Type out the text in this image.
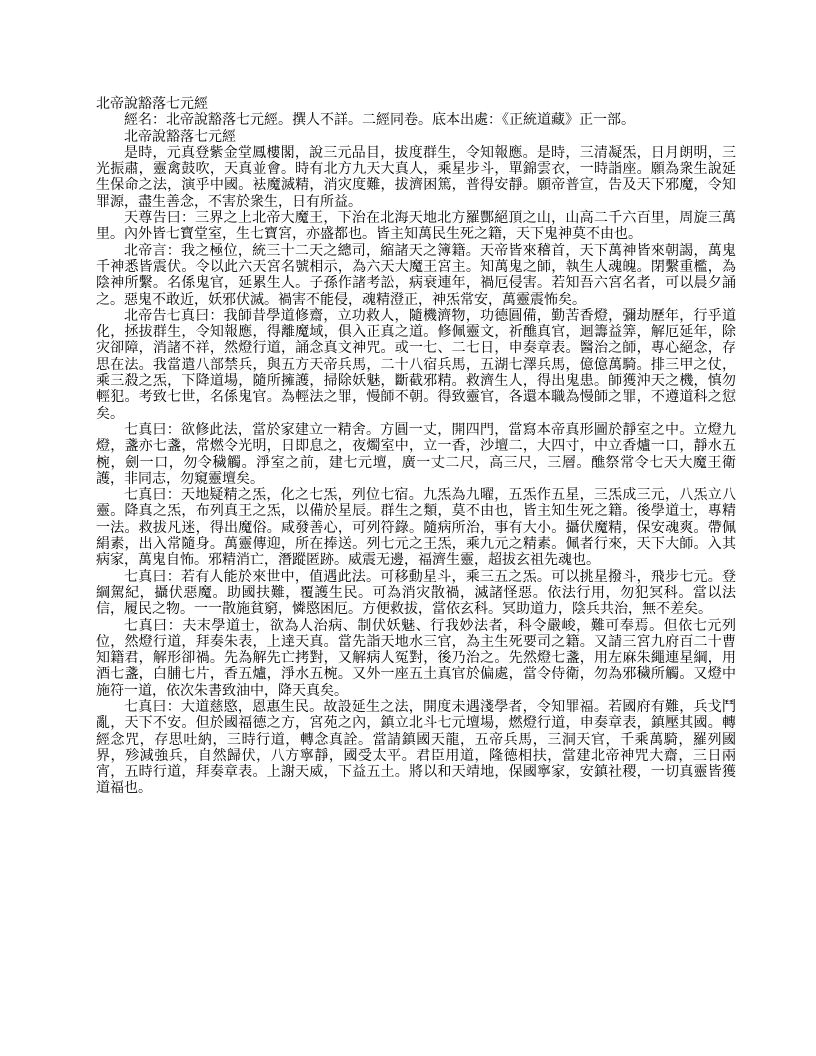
北帝說豁落七元經

經名：北帝說豁落七元經。撰人不詳。二經同卷。底本出處：《正統道藏》正一部。

北帝說豁落七元經

是時，元真登紫金堂鳳樓閣，說三元品目，拔度群生，令知報應。是時，三清凝炁，日月朗明，三光振肅，靈禽鼓吹，天真並會。時有北方九天大真人，乘星步斗，單錦雲衣，一時詣座。願為衆生說延生保命之法，演乎中國。袪魔滅精，消灾度難，拔濟困篤，普得安靜。願帝普宣，告及天下邪魔，令知罪源，盡生善念，不害於衆生，日有所益。

天尊告曰：三界之上北帝大魔王，下治在北海天地北方羅酆絕頂之山，山高二千六百里，周旋三萬里。內外皆七寶堂室，生七寶宮，亦盛都也。皆主知萬民生死之籍，天下鬼神莫不由也。

北帝言：我之極位，統三十二天之總司，縮諸天之簿籍。天帝皆來稽首，天下萬神皆來朝謁，萬鬼千神悉皆震伏。令以此六天宮名號相示，為六天大魔王宮主。知萬鬼之師，執生人魂魄。閉繫重檻，為陰神所繫。名係鬼官，延累生人。子孫作諸考訟，病衰連年，禍厄侵害。若知吾六宮名者，可以晨夕誦之。惡鬼不敢近，妖邪伏滅。禍害不能侵，魂精澄正，神炁常安，萬靈震怖矣。

北帝告七真曰：我師昔學道修齋，立功救人，隨機濟物，功德圓備，勤苦香燈，彌劫歷年，行乎道化，拯拔群生，令知報應，得離魔域，俱入正真之道。修佩靈文，祈醮真官，迴籌益筭，解厄延年，除灾卻障，消諸不祥，然燈行道，誦念真文神咒。或一七、二七日，申奏章表。醫治之師，專心絕念，存思在法。我當遣八部禁兵，與五方天帝兵馬，二十八宿兵馬，五湖七澤兵馬，億億萬騎。排三甲之仗，乘三殺之炁，下降道場，隨所擁護，掃除妖魅，斷截邪精。救濟生人，得出鬼患。師獲沖天之機，慎勿輕犯。考致七世，名係鬼官。為輕法之罪，慢師不朝。得致靈官，各還本職為慢師之罪，不遵道科之愆矣。

七真曰：欲修此法，當於家建立一精舍。方圓一丈，開四門，當寫本帝真形圖於靜室之中。立燈九燈，盞亦七盞，常燃令光明，日即息之，夜燭室中，立一香，沙壇二，大四寸，中立香爐一口，靜水五椀，劍一口，勿令穢觸。淨室之前，建七元壇，廣一丈二尺，高三尺，三層。醮祭常令七天大魔王衛護，非同志，勿窺靈壇矣。

七真曰：天地疑精之炁，化之七炁，列位七宿。九炁為九曜，五炁作五星，三炁成三元，八炁立八靈。降真之炁，布列真王之炁，以備於星辰。群生之類，莫不由也，皆主知生死之籍。後學道士，專精一法。救拔凡迷，得出魔俗。咸發善心，可列符錄。隨病所治，事有大小。攝伏魔精，保安魂爽。帶佩絹素，出入常隨身。萬靈傳迎，所在捧送。列七元之王炁，乘九元之精素。佩者行來，天下大師。入其病家，萬鬼自怖。邪精消亡，潛蹤匿跡。威震无邊，福濟生靈，超拔玄祖先魂也。

七真曰：若有人能於來世中，值遇此法。可移動星斗，乘三五之炁。可以挑星撥斗，飛步七元。登綱駕紀，攝伏惡魔。助國扶難，覆護生民。可為消灾散禍，滅諸怪惡。依法行用，勿犯冥科。當以法信，履民之物。一一散施貧窮，憐愍困厄。方便救拔，當依玄科。冥助道力，陰兵共治，無不差矣。

七真曰：夫末學道士，欲為人治病、制伏妖魅、行我妙法者，科令嚴峻，難可奉焉。但依七元列位，然燈行道，拜奏朱表，上達天真。當先詣天地水三官，為主生死要司之籍。又請三宮九府百二十曹知籍君，解形卻禍。先為解先亡拷對，又解病人冤對，後乃治之。先然燈七盞，用左麻朱繩連星綱，用酒七盞，白脯七片，香五爐，淨水五椀。又外一座五土真官於偏處，當令侍衛，勿為邪穢所觸。又燈中施符一道，依次朱書致油中，降天真矣。

七真曰：大道慈愍，恩惠生民。故設延生之法，開度未遇淺學者，令知罪福。若國府有難，兵戈鬥亂，天下不安。但於國福德之方，宮苑之內，鎮立北斗七元壇場，燃燈行道，申奏章表，鎮壓其國。轉經念咒，存思吐納，三時行道，轉念真詮。當請鎮國天龍，五帝兵馬，三洞天官，千乘萬騎，羅列國界，殄減強兵，自然歸伏，八方寧靜，國受太平。君臣用道，隆德相扶，當建北帝神咒大齋，三日兩宵，五時行道，拜奏章表。上謝天威，下益五土。將以和天靖地，保國寧家，安鎮社稷，一切真靈皆獲道福也。
